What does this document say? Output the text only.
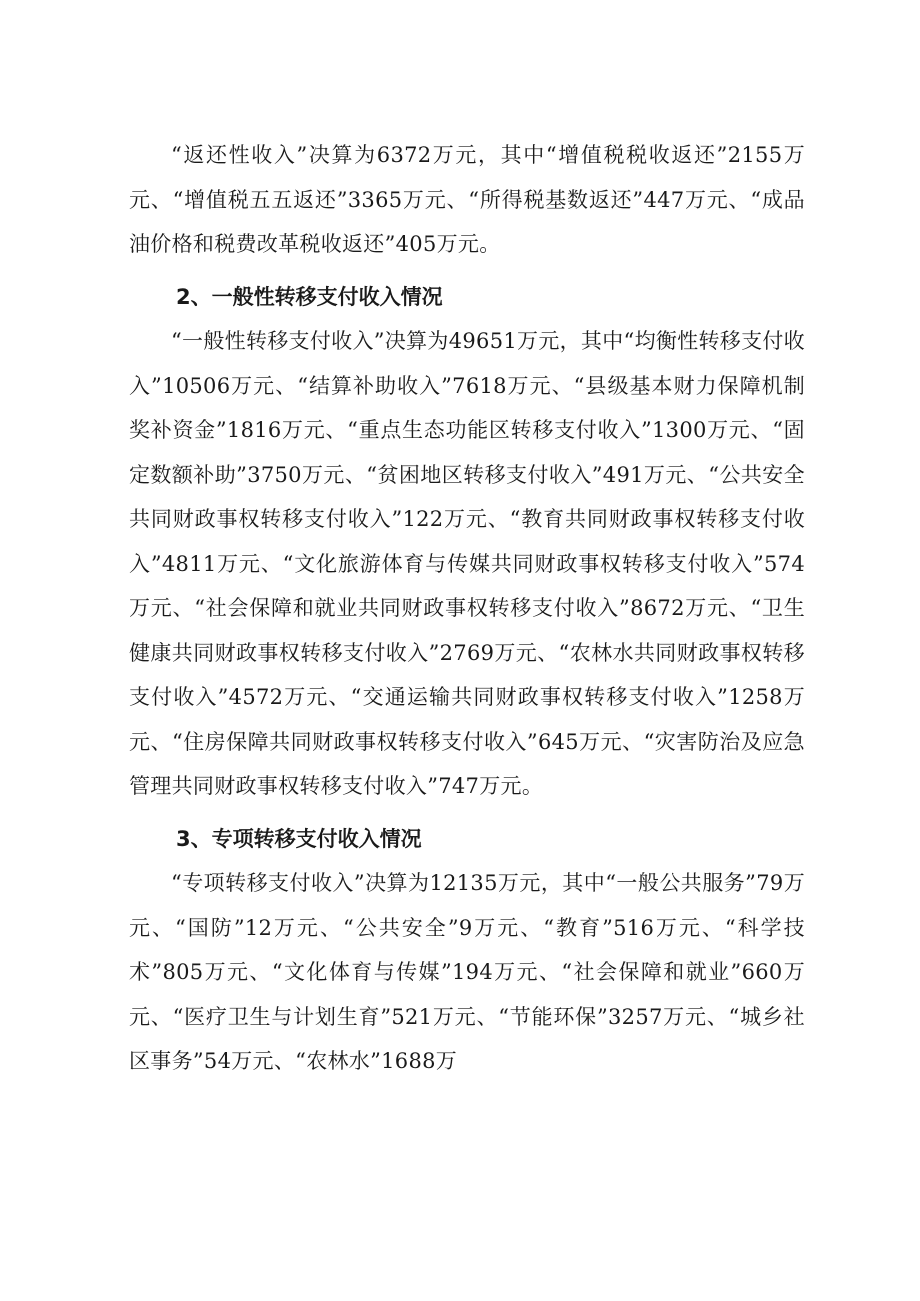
“返还性收入”决算为6372万元，其中“增值税税收返还”2155万元、“增值税五五返还”3365万元、“所得税基数返还”447万元、“成品油价格和税费改革税收返还”405万元。

2、一般性转移支付收入情况

“一般性转移支付收入”决算为49651万元，其中“均衡性转移支付收入”10506万元、“结算补助收入”7618万元、“县级基本财力保障机制奖补资金”1816万元、“重点生态功能区转移支付收入”1300万元、“固定数额补助”3750万元、“贫困地区转移支付收入”491万元、“公共安全共同财政事权转移支付收入”122万元、“教育共同财政事权转移支付收入”4811万元、“文化旅游体育与传媒共同财政事权转移支付收入”574万元、“社会保障和就业共同财政事权转移支付收入”8672万元、“卫生健康共同财政事权转移支付收入”2769万元、“农林水共同财政事权转移支付收入”4572万元、“交通运输共同财政事权转移支付收入”1258万元、“住房保障共同财政事权转移支付收入”645万元、“灾害防治及应急管理共同财政事权转移支付收入”747万元。

3、专项转移支付收入情况

“专项转移支付收入”决算为12135万元，其中“一般公共服务”79万元、“国防”12万元、“公共安全”9万元、“教育”516万元、“科学技术”805万元、“文化体育与传媒”194万元、“社会保障和就业”660万元、“医疗卫生与计划生育”521万元、“节能环保”3257万元、“城乡社区事务”54万元、“农林水”1688万
